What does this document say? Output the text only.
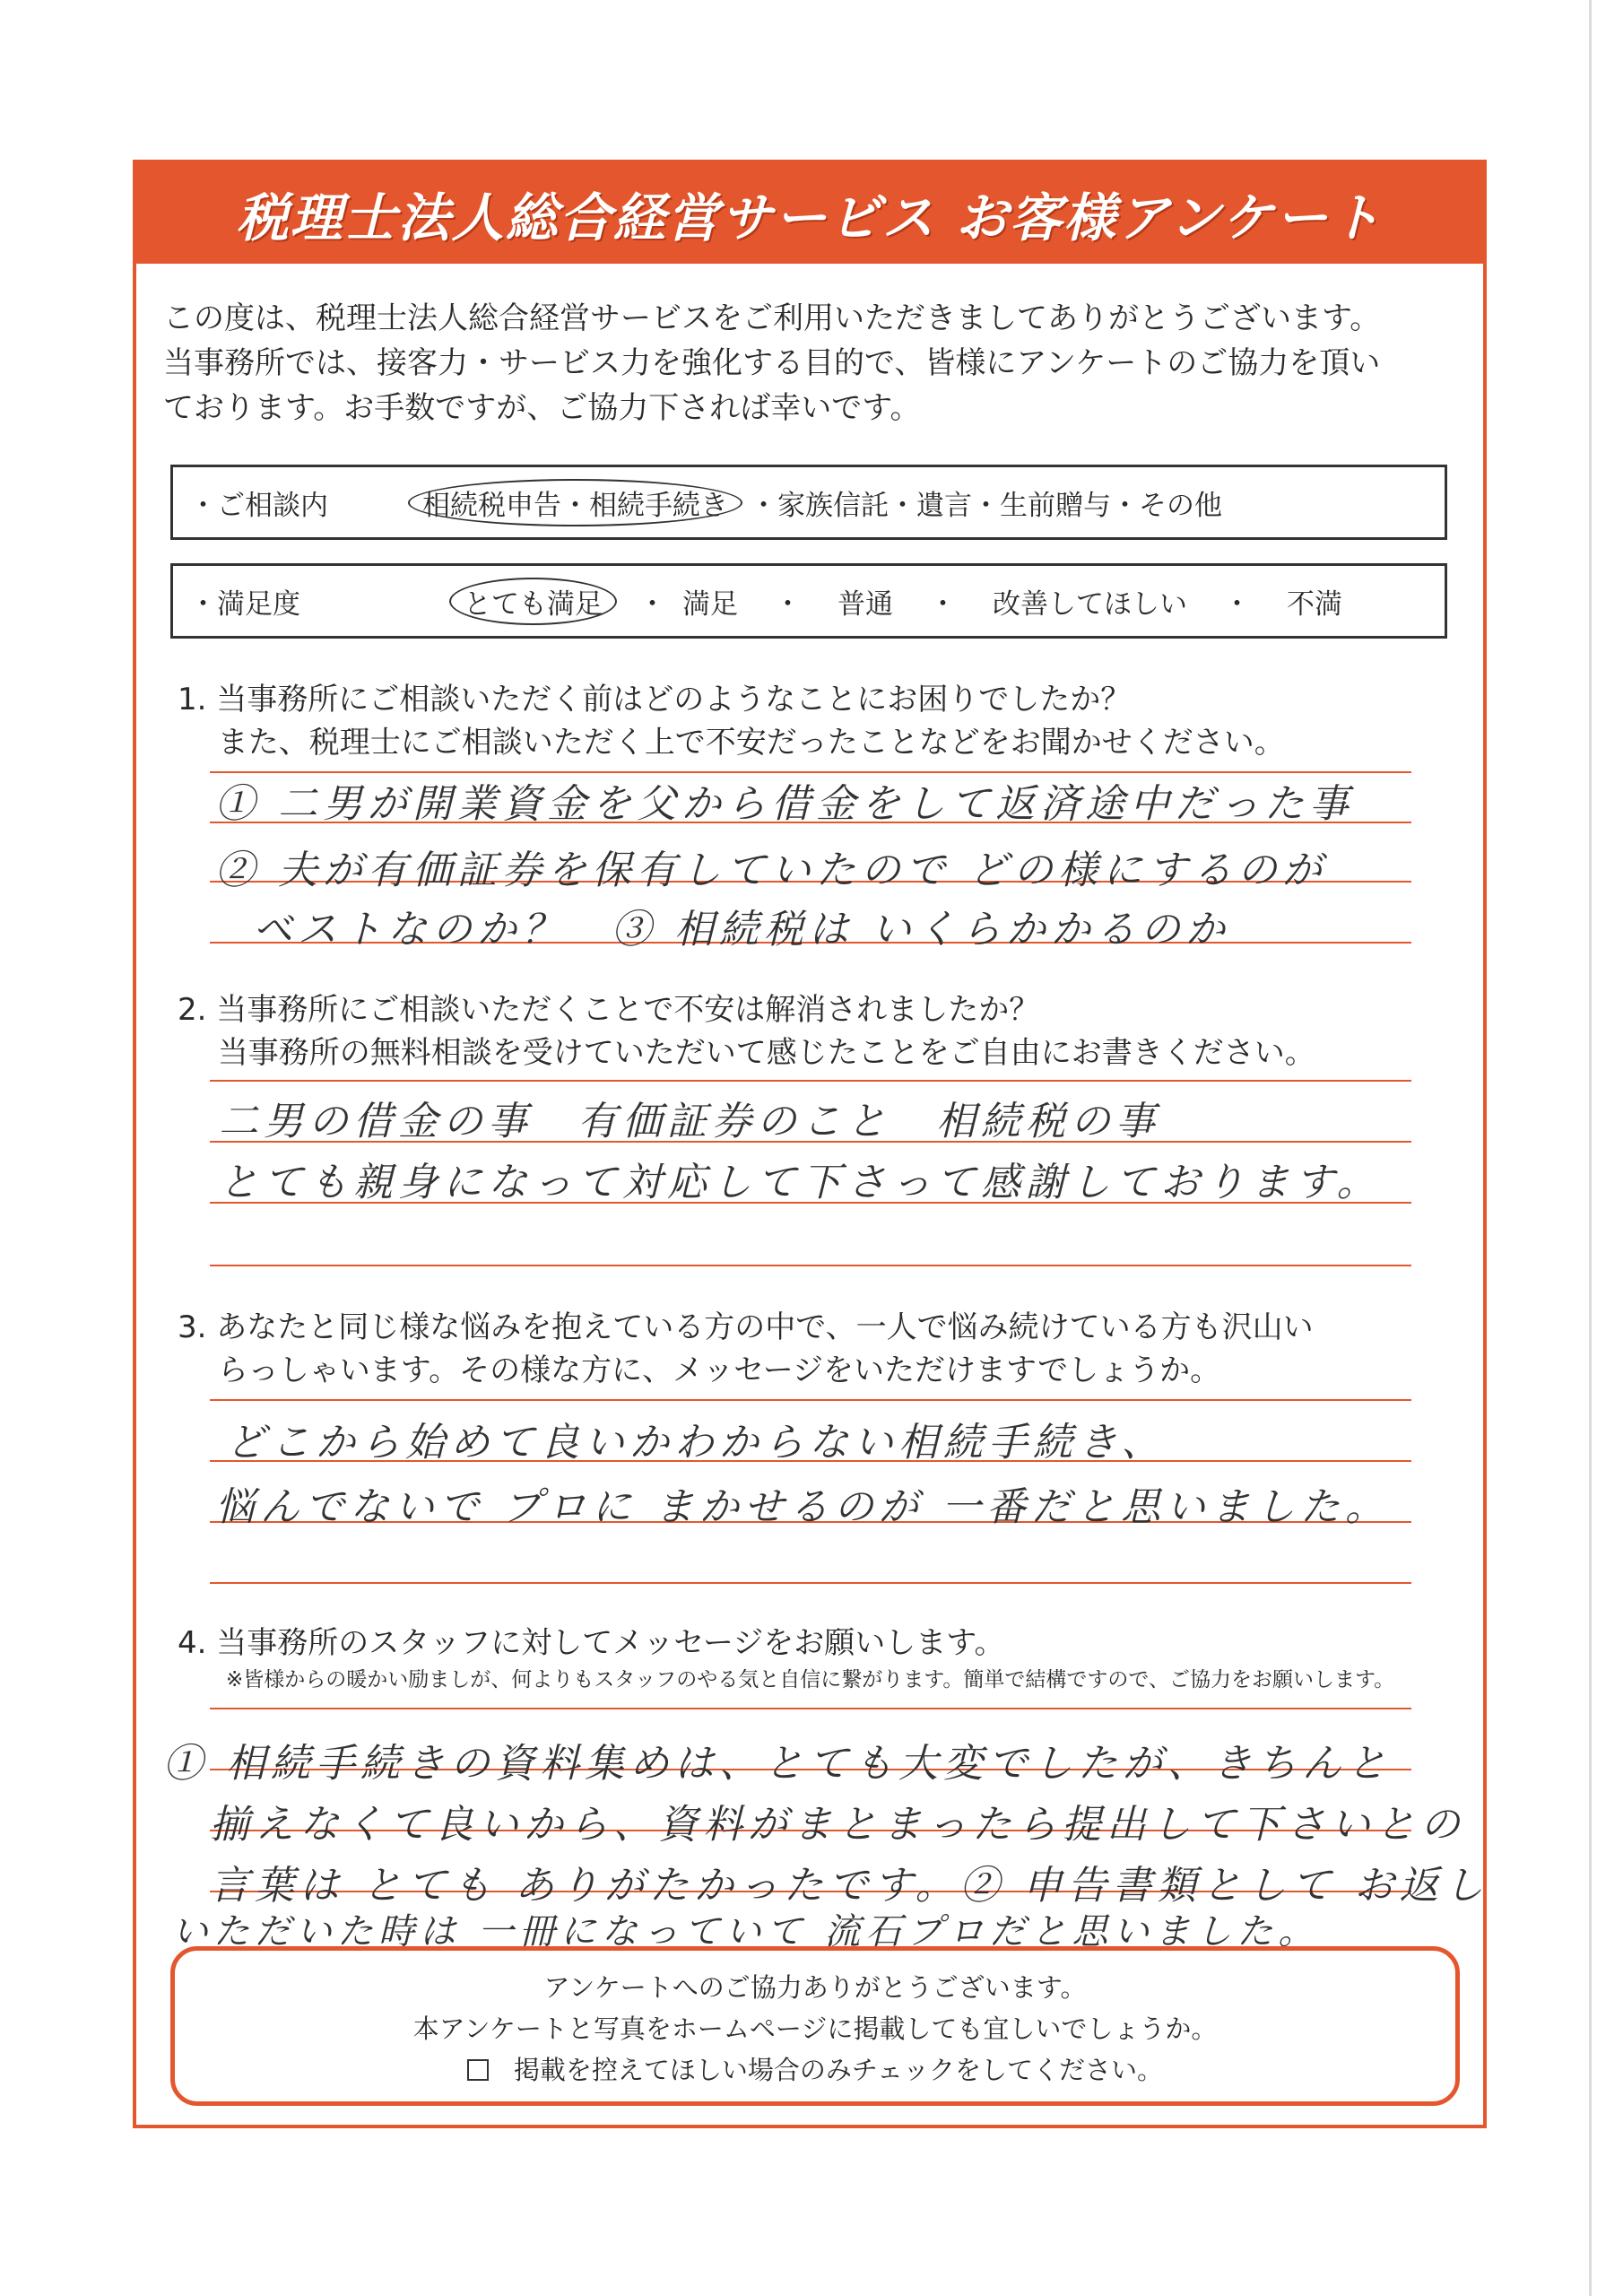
税理士法人総合経営サービス お客様アンケート
この度は、税理士法人総合経営サービスをご利用いただきましてありがとうございます。
当事務所では、接客力・サービス力を強化する目的で、皆様にアンケートのご協力を頂い
ております。お手数ですが、ご協力下されば幸いです。
・ご相談内	相続税申告・相続手続き ・家族信託・遺言・生前贈与・その他
・満足度	とても満足	・ 満足 ・ 普通 ・ 改善してほしい ・ 不満
1. 当事務所にご相談いただく前はどのようなことにお困りでしたか？
　 また、税理士にご相談いただく上で不安だったことなどをお聞かせください。
① 二男が開業資金を父から借金をして返済途中だった事
② 夫が有価証券を保有していたので どの様にするのが
ベストなのか？　③ 相続税は いくらかかるのか
2. 当事務所にご相談いただくことで不安は解消されましたか？
　 当事務所の無料相談を受けていただいて感じたことをご自由にお書きください。
二男の借金の事　有価証券のこと　相続税の事
とても親身になって対応して下さって感謝しております。
3. あなたと同じ様な悩みを抱えている方の中で、一人で悩み続けている方も沢山い
　 らっしゃいます。その様な方に、メッセージをいただけますでしょうか。
どこから始めて良いかわからない相続手続き、
悩んでないで プロに まかせるのが 一番だと思いました。
4. 当事務所のスタッフに対してメッセージをお願いします。
※皆様からの暖かい励ましが、何よりもスタッフのやる気と自信に繋がります。簡単で結構ですので、ご協力をお願いします。
① 相続手続きの資料集めは、とても大変でしたが、きちんと
揃えなくて良いから、資料がまとまったら提出して下さいとの
言葉は とても ありがたかったです。② 申告書類として お返し
いただいた時は 一冊になっていて 流石プロだと思いました。
アンケートへのご協力ありがとうございます。
本アンケートと写真をホームページに掲載しても宜しいでしょうか。
掲載を控えてほしい場合のみチェックをしてください。
